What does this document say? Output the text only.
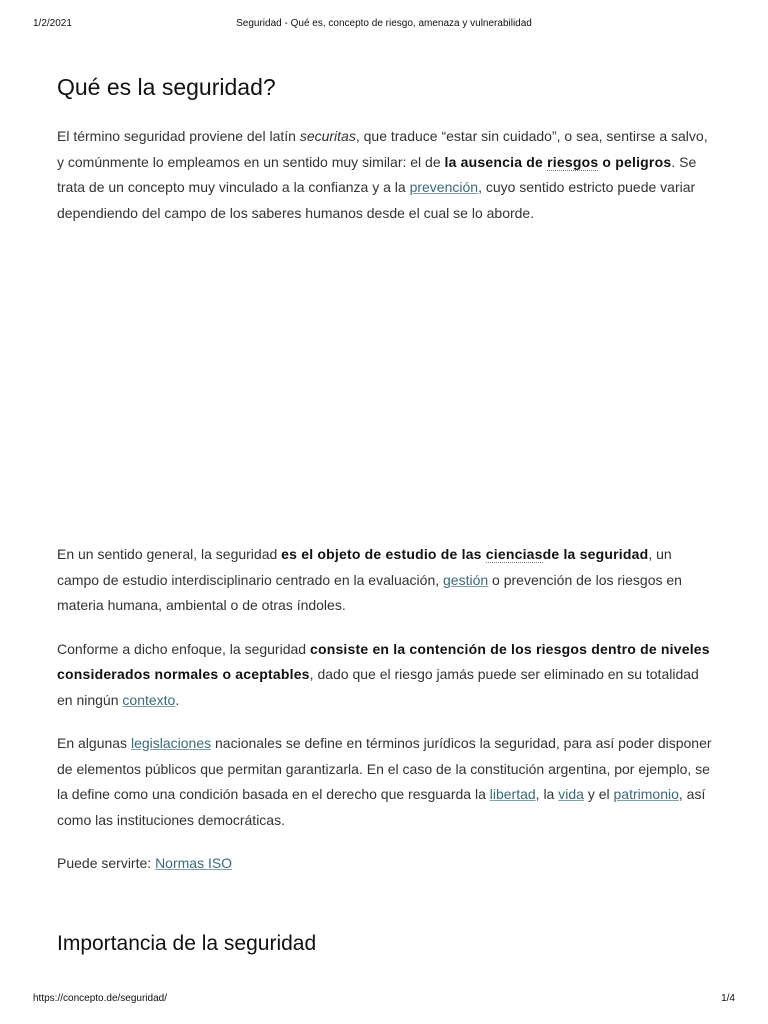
1/2/2021	Seguridad - Qué es, concepto de riesgo, amenaza y vulnerabilidad
Qué es la seguridad?

El término seguridad proviene del latín securitas, que traduce “estar sin cuidado”, o sea, sentirse a salvo, y comúnmente lo empleamos en un sentido muy similar: el de la ausencia de riesgos o peligros. Se trata de un concepto muy vinculado a la confianza y a la prevención, cuyo sentido estricto puede variar dependiendo del campo de los saberes humanos desde el cual se lo aborde.

En un sentido general, la seguridad es el objeto de estudio de las cienciasde la seguridad, un campo de estudio interdisciplinario centrado en la evaluación, gestión o prevención de los riesgos en materia humana, ambiental o de otras índoles.

Conforme a dicho enfoque, la seguridad consiste en la contención de los riesgos dentro de niveles considerados normales o aceptables, dado que el riesgo jamás puede ser eliminado en su totalidad en ningún contexto.

En algunas legislaciones nacionales se define en términos jurídicos la seguridad, para así poder disponer de elementos públicos que permitan garantizarla. En el caso de la constitución argentina, por ejemplo, se la define como una condición basada en el derecho que resguarda la libertad, la vida y el patrimonio, así como las instituciones democráticas.

Puede servirte: Normas ISO

Importancia de la seguridad
https://concepto.de/seguridad/	1/4
